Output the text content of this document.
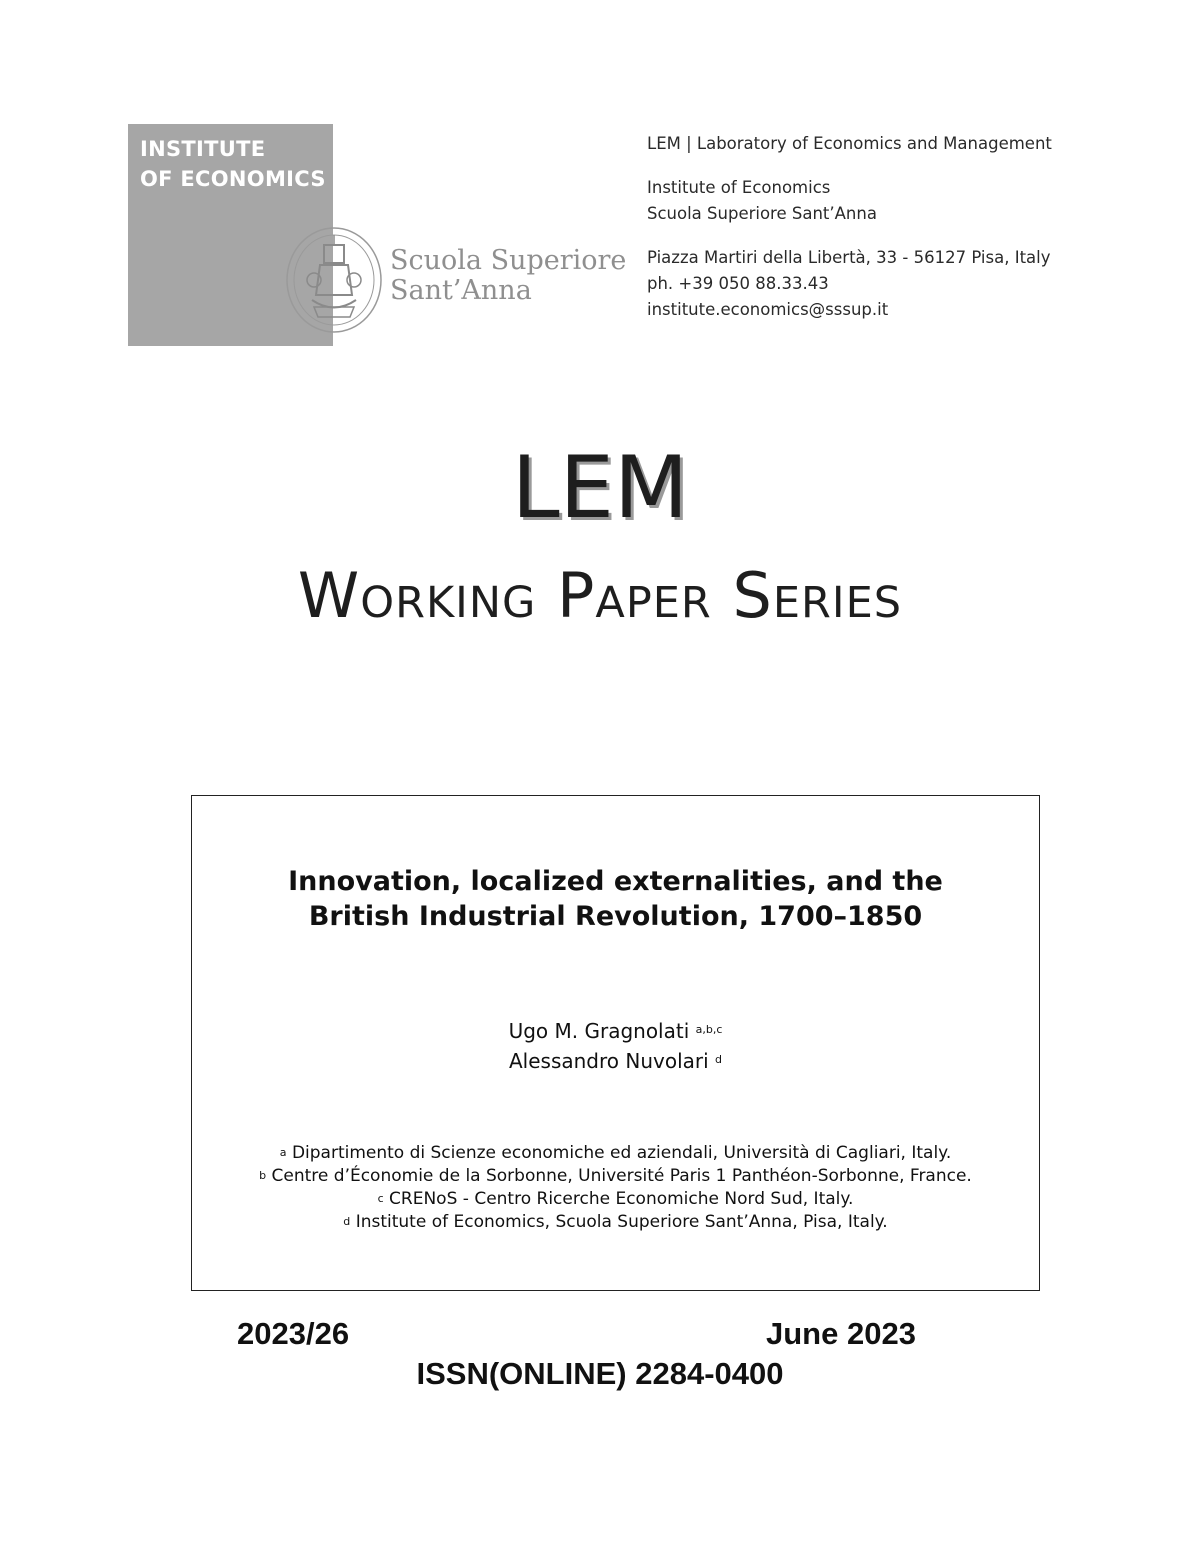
INSTITUTE
OF ECONOMICS
Scuola Superiore
Sant’Anna
LEM | Laboratory of Economics and Management
Institute of Economics
Scuola Superiore Sant’Anna
Piazza Martiri della Libertà, 33 - 56127 Pisa, Italy
ph. +39 050 88.33.43
institute.economics@sssup.it
LEM
Working Paper Series
Innovation, localized externalities, and the
British Industrial Revolution, 1700–1850
Ugo M. Gragnolati $^{a,b,c}$
Alessandro Nuvolari $^d$
$^a$ Dipartimento di Scienze economiche ed aziendali, Università di Cagliari, Italy.
$^b$ Centre d’Économie de la Sorbonne, Université Paris 1 Panthéon-Sorbonne, France.
$^c$ CRENoS - Centro Ricerche Economiche Nord Sud, Italy.
$^d$ Institute of Economics, Scuola Superiore Sant’Anna, Pisa, Italy.
2023/26	June 2023
ISSN(ONLINE) 2284-0400
